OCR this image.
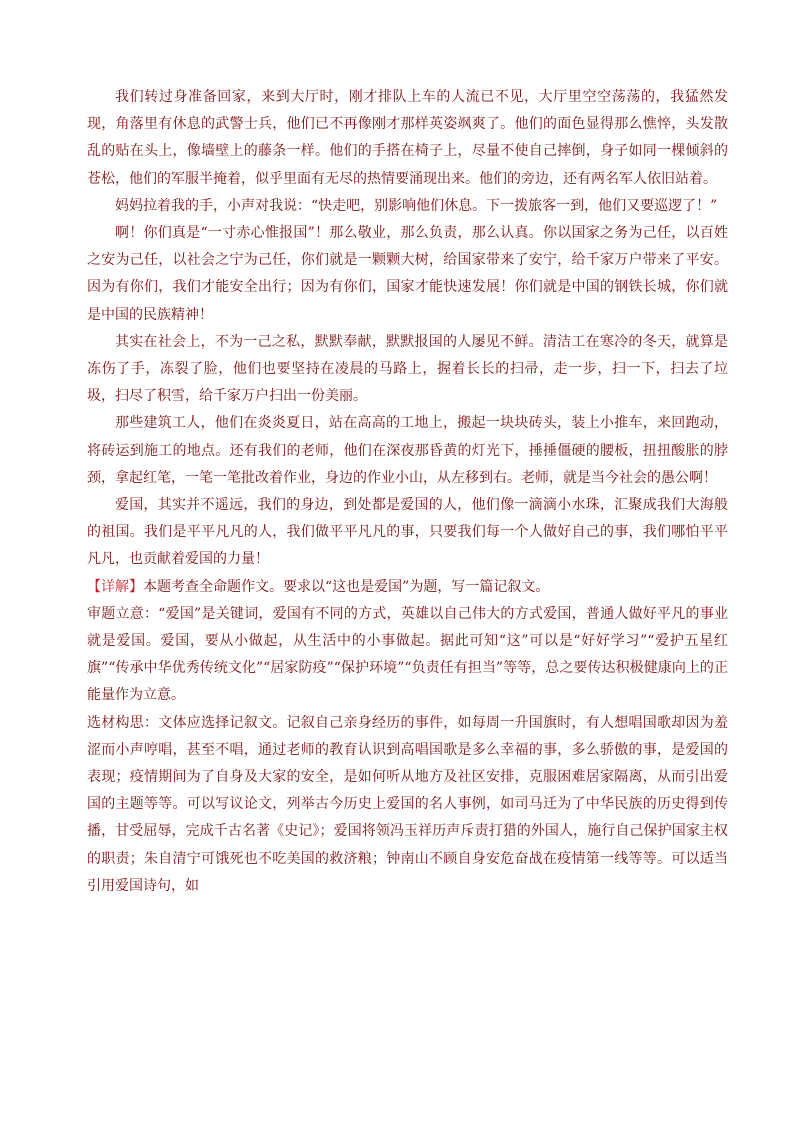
我们转过身准备回家，来到大厅时，刚才排队上车的人流已不见，大厅里空空荡荡的，我猛然发现，角落里有休息的武警士兵，他们已不再像刚才那样英姿飒爽了。他们的面色显得那么憔悴，头发散乱的贴在头上，像墙壁上的藤条一样。他们的手搭在椅子上，尽量不使自己摔倒，身子如同一棵倾斜的苍松，他们的军服半掩着，似乎里面有无尽的热情要涌现出来。他们的旁边，还有两名军人依旧站着。

妈妈拉着我的手，小声对我说：“快走吧，别影响他们休息。下一拨旅客一到，他们又要巡逻了！”

啊！你们真是“一寸赤心惟报国”！那么敬业，那么负责，那么认真。你以国家之务为己任，以百姓之安为己任，以社会之宁为己任，你们就是一颗颗大树，给国家带来了安宁，给千家万户带来了平安。因为有你们，我们才能安全出行；因为有你们，国家才能快速发展！你们就是中国的钢铁长城，你们就是中国的民族精神！

其实在社会上，不为一己之私，默默奉献，默默报国的人屡见不鲜。清洁工在寒冷的冬天，就算是冻伤了手，冻裂了脸，他们也要坚持在凌晨的马路上，握着长长的扫帚，走一步，扫一下，扫去了垃圾，扫尽了积雪，给千家万户扫出一份美丽。

那些建筑工人，他们在炎炎夏日，站在高高的工地上，搬起一块块砖头，装上小推车，来回跑动，将砖运到施工的地点。还有我们的老师，他们在深夜那昏黄的灯光下，捶捶僵硬的腰板，扭扭酸胀的脖颈，拿起红笔，一笔一笔批改着作业，身边的作业小山，从左移到右。老师，就是当今社会的愚公啊！

爱国，其实并不遥远，我们的身边，到处都是爱国的人，他们像一滴滴小水珠，汇聚成我们大海般的祖国。我们是平平凡凡的人，我们做平平凡凡的事，只要我们每一个人做好自己的事，我们哪怕平平凡凡，也贡献着爱国的力量！

【详解】本题考查全命题作文。要求以“这也是爱国”为题，写一篇记叙文。

审题立意：“爱国”是关键词，爱国有不同的方式，英雄以自己伟大的方式爱国，普通人做好平凡的事业就是爱国。爱国，要从小做起，从生活中的小事做起。据此可知“这”可以是“好好学习”“爱护五星红旗”“传承中华优秀传统文化”“居家防疫”“保护环境”“负责任有担当”等等，总之要传达积极健康向上的正能量作为立意。

选材构思：文体应选择记叙文。记叙自己亲身经历的事件，如每周一升国旗时，有人想唱国歌却因为羞涩而小声哼唱，甚至不唱，通过老师的教育认识到高唱国歌是多么幸福的事，多么骄傲的事，是爱国的表现；疫情期间为了自身及大家的安全，是如何听从地方及社区安排，克服困难居家隔离，从而引出爱国的主题等等。可以写议论文，列举古今历史上爱国的名人事例，如司马迁为了中华民族的历史得到传播，甘受屈辱，完成千古名著《史记》；爱国将领冯玉祥历声斥责打猎的外国人，施行自己保护国家主权的职责；朱自清宁可饿死也不吃美国的救济粮；钟南山不顾自身安危奋战在疫情第一线等等。可以适当引用爱国诗句，如
